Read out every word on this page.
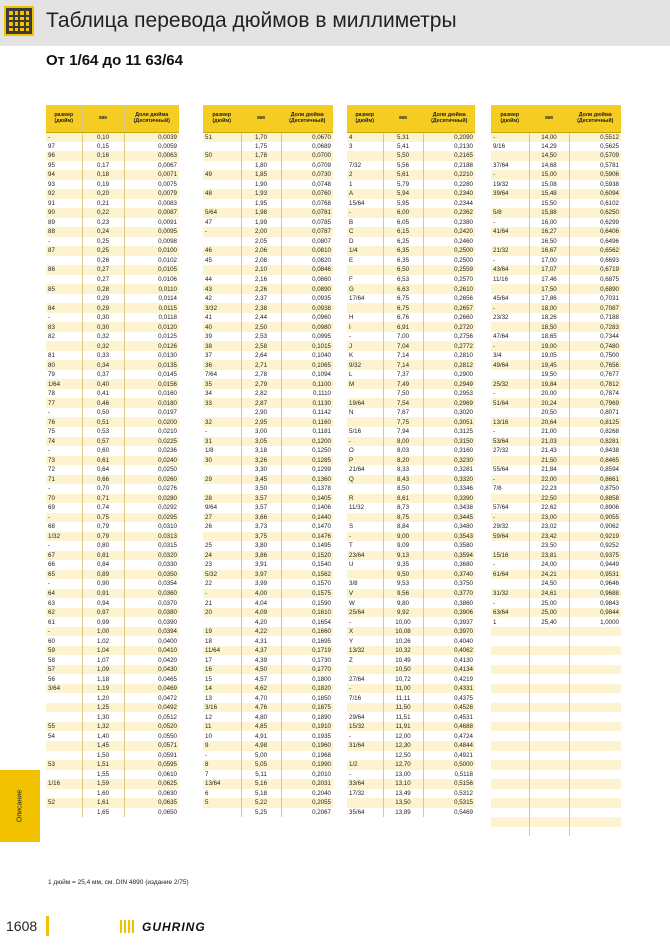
Таблица перевода дюймов в миллиметры
От 1/64 до 11 63/64
размер (дюйм)	мм	Доли дюйма (Десятичный)
-	0,10	0,0039
97	0,15	0,0059
96	0,16	0,0063
95	0,17	0,0067
94	0,18	0,0071
93	0,19	0,0075
92	0,20	0,0079
91	0,21	0,0083
90	0,22	0,0087
89	0,23	0,0091
88	0,24	0,0095
-	0,25	0,0098
87	0,25	0,0100
	0,26	0,0102
86	0,27	0,0105
	0,27	0,0106
85	0,28	0,0110
	0,29	0,0114
84	0,29	0,0115
-	0,30	0,0118
83	0,30	0,0120
82	0,32	0,0125
	0,32	0,0126
81	0,33	0,0130
80	0,34	0,0135
79	0,37	0,0145
1/64	0,40	0,0156
78	0,41	0,0160
77	0,46	0,0180
-	0,50	0,0197
76	0,51	0,0200
75	0,53	0,0210
74	0,57	0,0225
-	0,60	0,0236
73	0,61	0,0240
72	0,64	0,0250
71	0,66	0,0260
-	0,70	0,0276
70	0,71	0,0280
69	0,74	0,0292
-	0,75	0,0295
68	0,79	0,0310
1/32	0,79	0,0313
-	0,80	0,0315
67	0,81	0,0320
66	0,84	0,0330
65	0,89	0,0350
-	0,90	0,0354
64	0,91	0,0360
63	0,94	0,0370
62	0,97	0,0380
61	0,99	0,0390
-	1,00	0,0394
60	1,02	0,0400
59	1,04	0,0410
58	1,07	0,0420
57	1,09	0,0430
56	1,18	0,0465
3/64	1,19	0,0469
	1,20	0,0472
	1,25	0,0492
	1,30	0,0512
55	1,32	0,0520
54	1,40	0,0550
	1,45	0,0571
	1,50	0,0591
53	1,51	0,0595
	1,55	0,0610
1/16	1,59	0,0625
	1,60	0,0630
52	1,61	0,0635
	1,65	0,0650
размер (дюйм)	мм	Доли дюйма (Десятичный)
51	1,70	0,0670
	1,75	0,0689
50	1,78	0,0700
	1,80	0,0709
49	1,85	0,0730
	1,90	0,0748
48	1,93	0,0760
	1,95	0,0768
5/64	1,98	0,0781
47	1,99	0,0785
-	2,00	0,0787
	2,05	0,0807
46	2,06	0,0810
45	2,08	0,0820
	2,10	0,0846
44	2,16	0,0860
43	2,26	0,0890
42	2,37	0,0935
3/32	2,38	0,0938
41	2,44	0,0960
40	2,50	0,0980
39	2,53	0,0995
38	2,58	0,1015
37	2,64	0,1040
36	2,71	0,1065
7/64	2,78	0,1094
35	2,79	0,1100
34	2,82	0,1110
33	2,87	0,1130
	2,90	0,1142
32	2,95	0,1160
-	3,00	0,1181
31	3,05	0,1200
1/8	3,18	0,1250
30	3,26	0,1285
	3,30	0,1299
29	3,45	0,1360
	3,50	0,1378
28	3,57	0,1405
9/64	3,57	0,1406
27	3,66	0,1440
26	3,73	0,1470
	3,75	0,1476
25	3,80	0,1495
24	3,86	0,1520
23	3,91	0,1540
5/32	3,97	0,1562
22	3,99	0,1570
-	4,00	0,1575
21	4,04	0,1590
20	4,09	0,1610
	4,20	0,1654
19	4,22	0,1660
18	4,31	0,1695
11/64	4,37	0,1719
17	4,39	0,1730
16	4,50	0,1770
15	4,57	0,1800
14	4,62	0,1820
13	4,70	0,1850
3/16	4,76	0,1875
12	4,80	0,1890
11	4,85	0,1910
10	4,91	0,1935
9	4,98	0,1960
-	5,00	0,1968
8	5,05	0,1990
7	5,11	0,2010
13/64	5,16	0,2031
6	5,18	0,2040
5	5,22	0,2055
	5,25	0,2067
размер (дюйм)	мм	Доли дюйма (Десятичный)
4	5,31	0,2090
3	5,41	0,2130
	5,50	0,2165
7/32	5,56	0,2188
2	5,61	0,2210
1	5,79	0,2280
A	5,94	0,2340
15/64	5,95	0,2344
-	6,00	0,2362
B	6,05	0,2380
C	6,15	0,2420
D	6,25	0,2460
1/4	6,35	0,2500
E	6,35	0,2500
	6,50	0,2559
F	6,53	0,2570
G	6,63	0,2610
17/64	6,75	0,2656
	6,75	0,2657
H	6,76	0,2660
I	6,91	0,2720
-	7,00	0,2756
J	7,04	0,2772
K	7,14	0,2810
9/32	7,14	0,2812
L	7,37	0,2900
M	7,49	0,2949
	7,50	0,2953
19/64	7,54	0,2969
N	7,67	0,3020
	7,75	0,3051
5/16	7,94	0,3125
-	8,00	0,3150
O	8,03	0,3160
P	8,20	0,3230
21/64	8,33	0,3281
Q	8,43	0,3320
	8,50	0,3346
R	8,61	0,3390
11/32	8,73	0,3438
	8,75	0,3445
S	8,84	0,3480
-	9,00	0,3543
T	9,09	0,3580
23/64	9,13	0,3594
U	9,35	0,3680
	9,50	0,3740
3/8	9,53	0,3750
V	9,56	0,3770
W	9,80	0,3860
25/64	9,92	0,3906
-	10,00	0,3937
X	10,08	0,3970
Y	10,26	0,4040
13/32	10,32	0,4062
Z	10,49	0,4130
	10,50	0,4134
27/64	10,72	0,4219
-	11,00	0,4331
7/16	11,11	0,4375
	11,50	0,4528
29/64	11,51	0,4531
15/32	11,91	0,4688
-	12,00	0,4724
31/64	12,30	0,4844
	12,50	0,4921
1/2	12,70	0,5000
-	13,00	0,5118
33/64	13,10	0,5156
17/32	13,49	0,5312
	13,50	0,5315
35/64	13,89	0,5469
размер (дюйм)	мм	Доли дюйма (Десятичный)
-	14,00	0,5512
9/16	14,29	0,5625
	14,50	0,5709
37/64	14,68	0,5781
-	15,00	0,5906
19/32	15,08	0,5938
39/64	15,48	0,6094
	15,50	0,6102
5/8	15,88	0,6250
-	16,00	0,6299
41/64	16,27	0,6406
	16,50	0,6496
21/32	16,67	0,6562
-	17,00	0,6693
43/64	17,07	0,6719
11/16	17,46	0,6875
	17,50	0,6890
45/64	17,86	0,7031
-	18,00	0,7087
23/32	18,26	0,7188
	18,50	0,7283
47/64	18,65	0,7344
-	19,00	0,7480
3/4	19,05	0,7500
49/64	19,45	0,7656
	19,50	0,7677
25/32	19,84	0,7812
-	20,00	0,7874
51/64	20,24	0,7969
	20,50	0,8071
13/16	20,64	0,8125
-	21,00	0,8268
53/64	21,03	0,8281
27/32	21,43	0,8438
	21,50	0,8465
55/64	21,84	0,8594
-	22,00	0,8661
7/8	22,23	0,8750
	22,50	0,8858
57/64	22,62	0,8906
-	23,00	0,9055
29/32	23,02	0,9062
59/64	23,42	0,9219
	23,50	0,9252
15/16	23,81	0,9375
-	24,00	0,9449
61/64	24,21	0,9531
	24,50	0,9646
31/32	24,61	0,9688
-	25,00	0,9843
63/64	25,00	0,9844
1	25,40	1,0000

1 дюйм = 25,4 мм, см. DIN 4890 (издание 2/75)
Описание
1608	GUHRING
